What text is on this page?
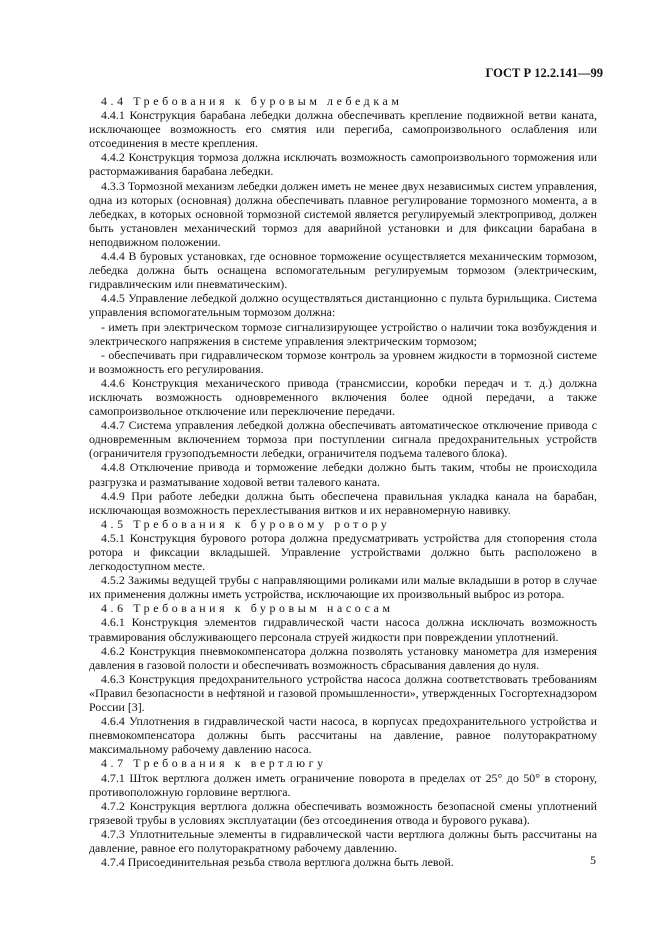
ГОСТ Р 12.2.141—99

4.4 Требования к буровым лебедкам

4.4.1 Конструкция барабана лебедки должна обеспечивать крепление подвижной ветви каната, исключающее возможность его смятия или перегиба, самопроизвольного ослабления или отсоединения в месте крепления.

4.4.2 Конструкция тормоза должна исключать возможность самопроизвольного торможения или растормаживания барабана лебедки.

4.3.3 Тормозной механизм лебедки должен иметь не менее двух независимых систем управления, одна из которых (основная) должна обеспечивать плавное регулирование тормозного момента, а в лебедках, в которых основной тормозной системой является регулируемый электропривод, должен быть установлен механический тормоз для аварийной установки и для фиксации барабана в неподвижном положении.

4.4.4 В буровых установках, где основное торможение осуществляется механическим тормозом, лебедка должна быть оснащена вспомогательным регулируемым тормозом (электрическим, гидравлическим или пневматическим).

4.4.5 Управление лебедкой должно осуществляться дистанционно с пульта бурильщика. Система управления вспомогательным тормозом должна:

- иметь при электрическом тормозе сигнализирующее устройство о наличии тока возбуждения и электрического напряжения в системе управления электрическим тормозом;

- обеспечивать при гидравлическом тормозе контроль за уровнем жидкости в тормозной системе и возможность его регулирования.

4.4.6 Конструкция механического привода (трансмиссии, коробки передач и т. д.) должна исключать возможность одновременного включения более одной передачи, а также самопроизвольное отключение или переключение передачи.

4.4.7 Система управления лебедкой должна обеспечивать автоматическое отключение привода с одновременным включением тормоза при поступлении сигнала предохранительных устройств (ограничителя грузоподъемности лебедки, ограничителя подъема талевого блока).

4.4.8 Отключение привода и торможение лебедки должно быть таким, чтобы не происходила разгрузка и разматывание ходовой ветви талевого каната.

4.4.9 При работе лебедки должна быть обеспечена правильная укладка канала на барабан, исключающая возможность перехлестывания витков и их неравномерную навивку.

4.5 Требования к буровому ротору

4.5.1 Конструкция бурового ротора должна предусматривать устройства для стопорения стола ротора и фиксации вкладышей. Управление устройствами должно быть расположено в легкодоступном месте.

4.5.2 Зажимы ведущей трубы с направляющими роликами или малые вкладыши в ротор в случае их применения должны иметь устройства, исключающие их произвольный выброс из ротора.

4.6 Требования к буровым насосам

4.6.1 Конструкция элементов гидравлической части насоса должна исключать возможность травмирования обслуживающего персонала струей жидкости при повреждении уплотнений.

4.6.2 Конструкция пневмокомпенсатора должна позволять установку манометра для измерения давления в газовой полости и обеспечивать возможность сбрасывания давления до нуля.

4.6.3 Конструкция предохранительного устройства насоса должна соответствовать требованиям «Правил безопасности в нефтяной и газовой промышленности», утвержденных Госгортехнадзором России [3].

4.6.4 Уплотнения в гидравлической части насоса, в корпусах предохранительного устройства и пневмокомпенсатора должны быть рассчитаны на давление, равное полуторакратному максимальному рабочему давлению насоса.

4.7 Требования к вертлюгу

4.7.1 Шток вертлюга должен иметь ограничение поворота в пределах от 25° до 50° в сторону, противоположную горловине вертлюга.

4.7.2 Конструкция вертлюга должна обеспечивать возможность безопасной смены уплотнений грязевой трубы в условиях эксплуатации (без отсоединения отвода и бурового рукава).

4.7.3 Уплотнительные элементы в гидравлической части вертлюга должны быть рассчитаны на давление, равное его полуторакратному рабочему давлению.

4.7.4 Присоединительная резьба ствола вертлюга должна быть левой.	5
